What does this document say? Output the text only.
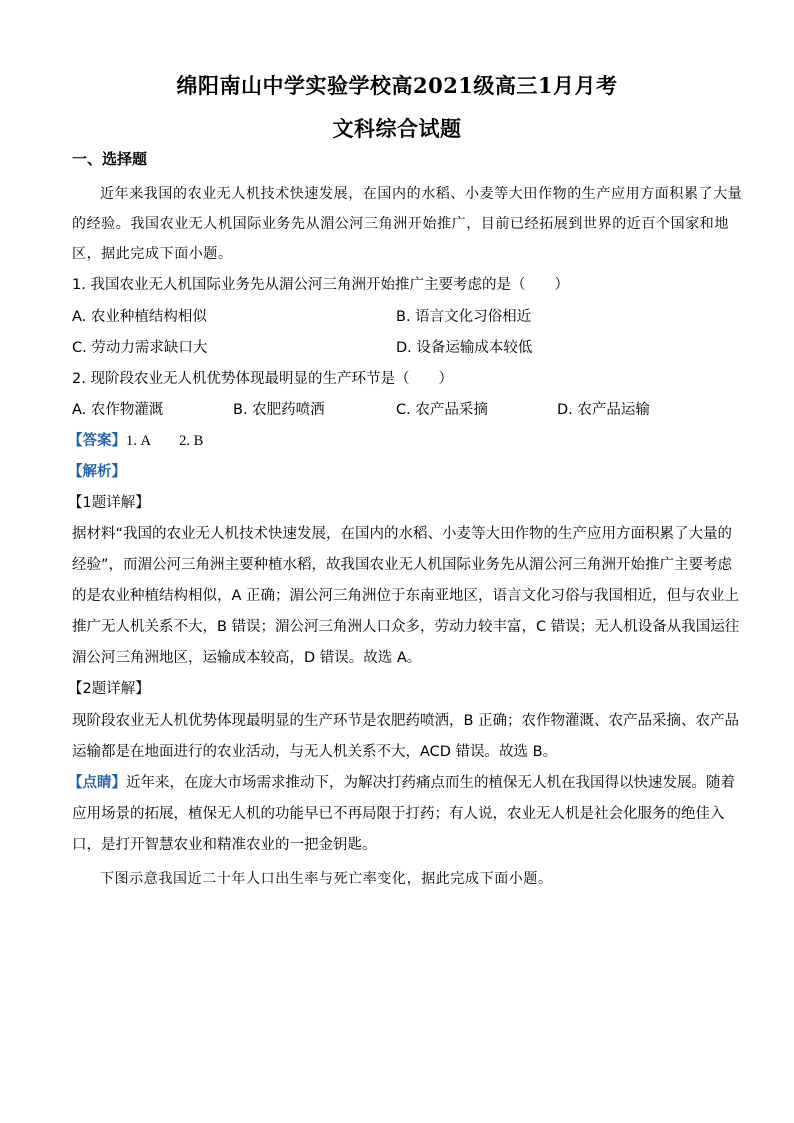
绵阳南山中学实验学校高2021级高三1月月考
文科综合试题
一、选择题
近年来我国的农业无人机技术快速发展，在国内的水稻、小麦等大田作物的生产应用方面积累了大量
的经验。我国农业无人机国际业务先从湄公河三角洲开始推广，目前已经拓展到世界的近百个国家和地
区，据此完成下面小题。
1. 我国农业无人机国际业务先从湄公河三角洲开始推广主要考虑的是（　　）
A. 农业种植结构相似	B. 语言文化习俗相近
C. 劳动力需求缺口大	D. 设备运输成本较低
2. 现阶段农业无人机优势体现最明显的生产环节是（　　）
A. 农作物灌溉	B. 农肥药喷洒	C. 农产品采摘	D. 农产品运输
【答案】1. A　　2. B
【解析】
【1题详解】
据材料“我国的农业无人机技术快速发展，在国内的水稻、小麦等大田作物的生产应用方面积累了大量的
经验”，而湄公河三角洲主要种植水稻，故我国农业无人机国际业务先从湄公河三角洲开始推广主要考虑
的是农业种植结构相似，A 正确；湄公河三角洲位于东南亚地区，语言文化习俗与我国相近，但与农业上
推广无人机关系不大，B 错误；湄公河三角洲人口众多，劳动力较丰富，C 错误；无人机设备从我国运往
湄公河三角洲地区，运输成本较高，D 错误。故选 A。
【2题详解】
现阶段农业无人机优势体现最明显的生产环节是农肥药喷洒，B 正确；农作物灌溉、农产品采摘、农产品
运输都是在地面进行的农业活动，与无人机关系不大，ACD 错误。故选 B。
【点睛】近年来，在庞大市场需求推动下，为解决打药痛点而生的植保无人机在我国得以快速发展。随着
应用场景的拓展，植保无人机的功能早已不再局限于打药；有人说，农业无人机是社会化服务的绝佳入
口，是打开智慧农业和精准农业的一把金钥匙。
下图示意我国近二十年人口出生率与死亡率变化，据此完成下面小题。
